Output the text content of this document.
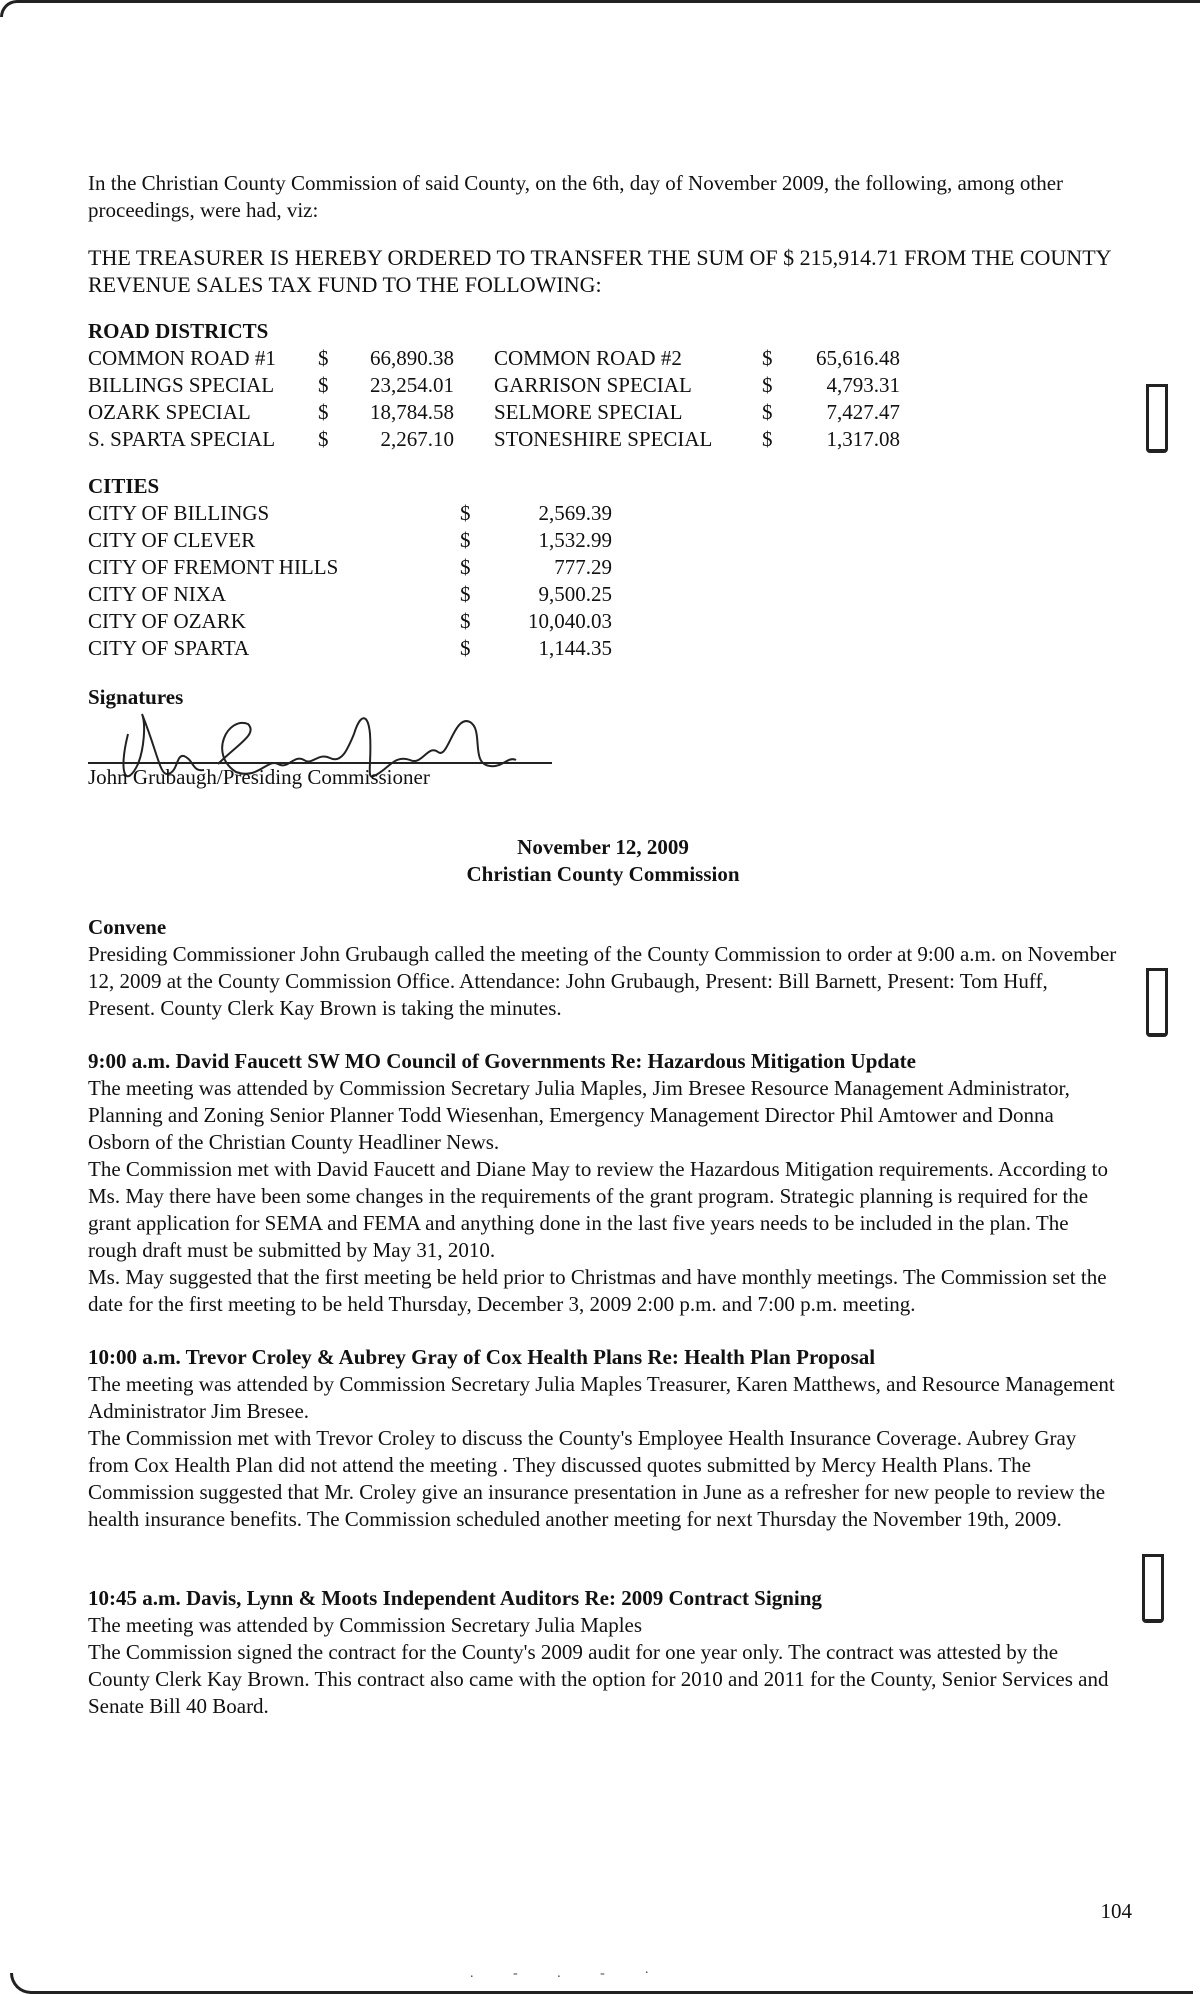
In the Christian County Commission of said County, on the 6th, day of November 2009, the following, among other proceedings, were had, viz:

THE TREASURER IS HEREBY ORDERED TO TRANSFER THE SUM OF $ 215,914.71 FROM THE COUNTY REVENUE SALES TAX FUND TO THE FOLLOWING:

ROAD DISTRICTS

COMMON ROAD #1	$	66,890.38	COMMON ROAD #2	$	65,616.48
BILLINGS SPECIAL	$	23,254.01	GARRISON SPECIAL	$	4,793.31
OZARK SPECIAL	$	18,784.58	SELMORE SPECIAL	$	7,427.47
S. SPARTA SPECIAL	$	2,267.10	STONESHIRE SPECIAL	$	1,317.08

CITIES

CITY OF BILLINGS	$	2,569.39
CITY OF CLEVER	$	1,532.99
CITY OF FREMONT HILLS	$	777.29
CITY OF NIXA	$	9,500.25
CITY OF OZARK	$	10,040.03
CITY OF SPARTA	$	1,144.35

Signatures

John Grubaugh/Presiding Commissioner

November 12, 2009

Christian County Commission

Convene

Presiding Commissioner John Grubaugh called the meeting of the County Commission to order at 9:00 a.m. on November 12, 2009 at the County Commission Office. Attendance: John Grubaugh, Present: Bill Barnett, Present: Tom Huff, Present. County Clerk Kay Brown is taking the minutes.

9:00 a.m. David Faucett SW MO Council of Governments Re: Hazardous Mitigation Update

The meeting was attended by Commission Secretary Julia Maples, Jim Bresee Resource Management Administrator, Planning and Zoning Senior Planner Todd Wiesenhan, Emergency Management Director Phil Amtower and Donna Osborn of the Christian County Headliner News.

The Commission met with David Faucett and Diane May to review the Hazardous Mitigation requirements. According to Ms. May there have been some changes in the requirements of the grant program. Strategic planning is required for the grant application for SEMA and FEMA and anything done in the last five years needs to be included in the plan. The rough draft must be submitted by May 31, 2010.

Ms. May suggested that the first meeting be held prior to Christmas and have monthly meetings. The Commission set the date for the first meeting to be held Thursday, December 3, 2009 2:00 p.m. and 7:00 p.m. meeting.

10:00 a.m. Trevor Croley & Aubrey Gray of Cox Health Plans Re: Health Plan Proposal

The meeting was attended by Commission Secretary Julia Maples Treasurer, Karen Matthews, and Resource Management Administrator Jim Bresee.

The Commission met with Trevor Croley to discuss the County's Employee Health Insurance Coverage. Aubrey Gray from Cox Health Plan did not attend the meeting . They discussed quotes submitted by Mercy Health Plans. The Commission suggested that Mr. Croley give an insurance presentation in June as a refresher for new people to review the health insurance benefits. The Commission scheduled another meeting for next Thursday the November 19th, 2009.

10:45 a.m. Davis, Lynn & Moots Independent Auditors Re: 2009 Contract Signing

The meeting was attended by Commission Secretary Julia Maples

The Commission signed the contract for the County's 2009 audit for one year only. The contract was attested by the County Clerk Kay Brown. This contract also came with the option for 2010 and 2011 for the County, Senior Services and Senate Bill 40 Board.

104
. - . - ·
